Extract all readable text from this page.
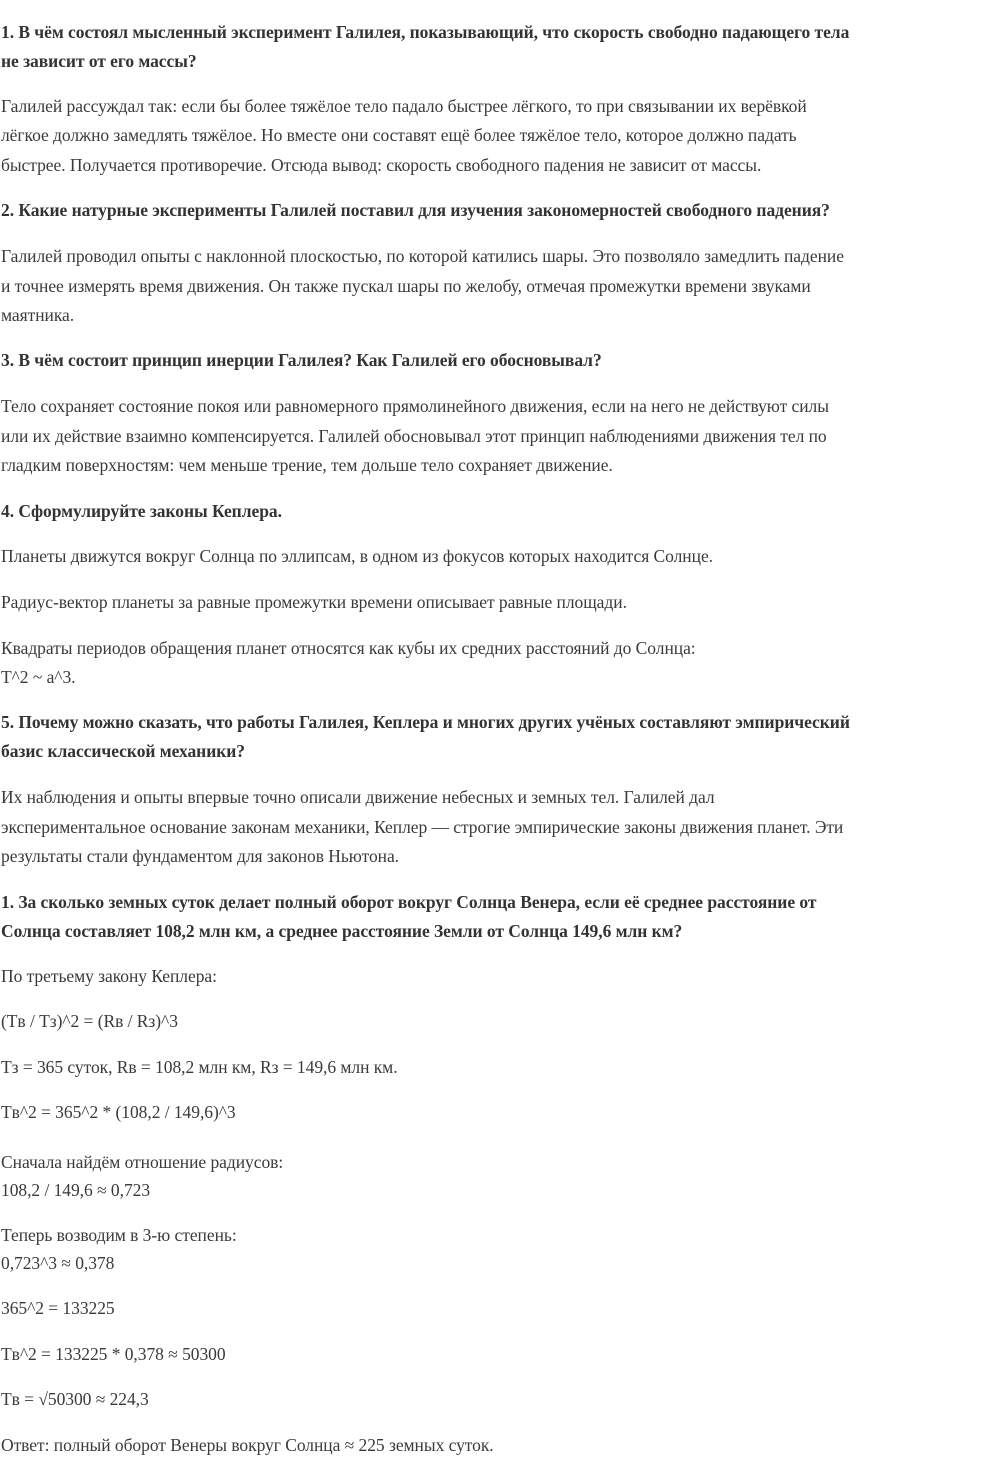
1. В чём состоял мысленный эксперимент Галилея, показывающий, что скорость свободно падающего тела

не зависит от его массы?

Галилей рассуждал так: если бы более тяжёлое тело падало быстрее лёгкого, то при связывании их верёвкой

лёгкое должно замедлять тяжёлое. Но вместе они составят ещё более тяжёлое тело, которое должно падать

быстрее. Получается противоречие. Отсюда вывод: скорость свободного падения не зависит от массы.

2. Какие натурные эксперименты Галилей поставил для изучения закономерностей свободного падения?

Галилей проводил опыты с наклонной плоскостью, по которой катились шары. Это позволяло замедлить падение

и точнее измерять время движения. Он также пускал шары по желобу, отмечая промежутки времени звуками

маятника.

3. В чём состоит принцип инерции Галилея? Как Галилей его обосновывал?

Тело сохраняет состояние покоя или равномерного прямолинейного движения, если на него не действуют силы

или их действие взаимно компенсируется. Галилей обосновывал этот принцип наблюдениями движения тел по

гладким поверхностям: чем меньше трение, тем дольше тело сохраняет движение.

4. Сформулируйте законы Кеплера.

Планеты движутся вокруг Солнца по эллипсам, в одном из фокусов которых находится Солнце.

Радиус-вектор планеты за равные промежутки времени описывает равные площади.

Квадраты периодов обращения планет относятся как кубы их средних расстояний до Солнца:

T^2 ~ a^3.

5. Почему можно сказать, что работы Галилея, Кеплера и многих других учёных составляют эмпирический

базис классической механики?

Их наблюдения и опыты впервые точно описали движение небесных и земных тел. Галилей дал

экспериментальное основание законам механики, Кеплер — строгие эмпирические законы движения планет. Эти

результаты стали фундаментом для законов Ньютона.

1. За сколько земных суток делает полный оборот вокруг Солнца Венера, если её среднее расстояние от

Солнца составляет 108,2 млн км, а среднее расстояние Земли от Солнца 149,6 млн км?

По третьему закону Кеплера:

(Tв / Tз)^2 = (Rв / Rз)^3

Tз = 365 суток, Rв = 108,2 млн км, Rз = 149,6 млн км.

Tв^2 = 365^2 * (108,2 / 149,6)^3

Сначала найдём отношение радиусов:

108,2 / 149,6 ≈ 0,723

Теперь возводим в 3-ю степень:

0,723^3 ≈ 0,378

365^2 = 133225

Tв^2 = 133225 * 0,378 ≈ 50300

Tв = √50300 ≈ 224,3

Ответ: полный оборот Венеры вокруг Солнца ≈ 225 земных суток.
